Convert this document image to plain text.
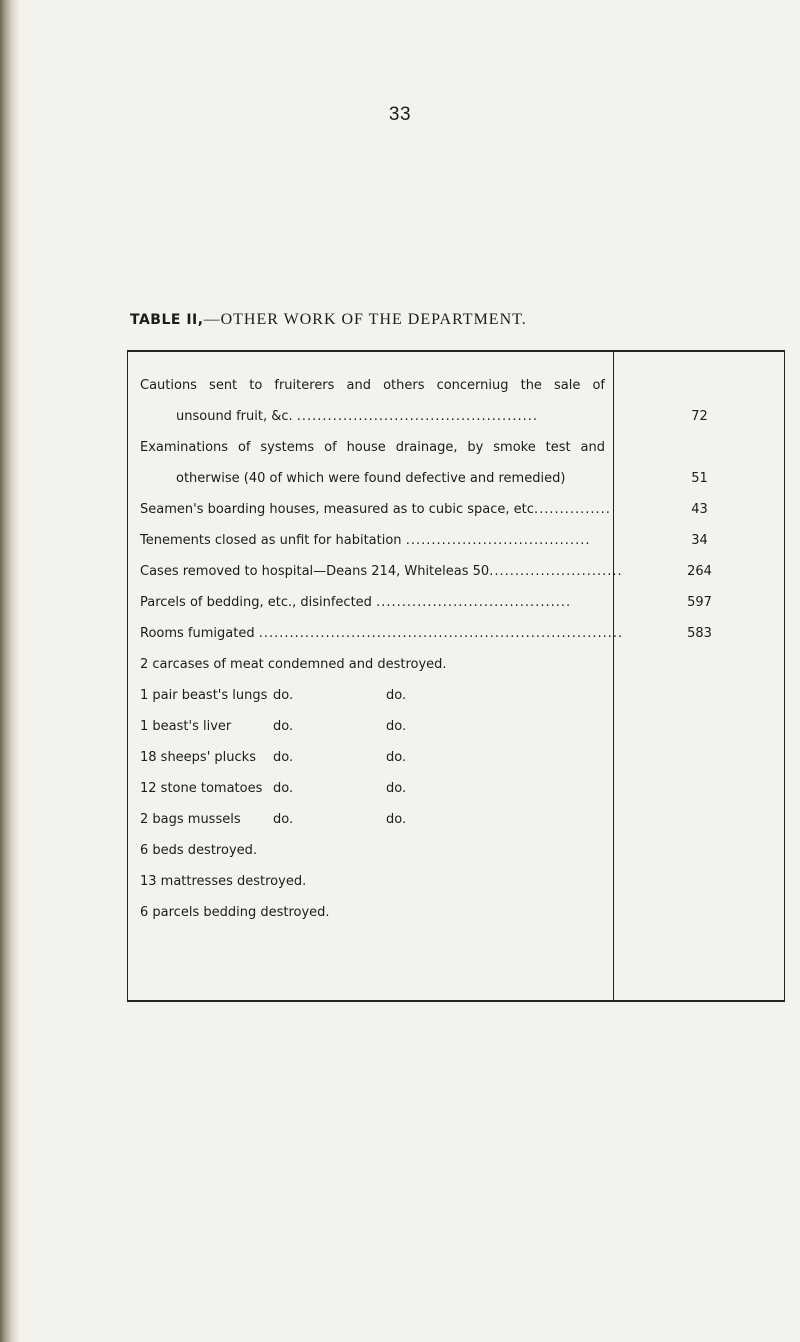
33
TABLE II,—OTHER WORK OF THE DEPARTMENT.
Cautions sent to fruiterers and others concerniug the sale of
unsound fruit, &c. ...............................................	72
Examinations of systems of house drainage, by smoke test and
otherwise (40 of which were found defective and remedied)	51
Seamen's boarding houses, measured as to cubic space, etc...............	43
Tenements closed as unfit for habitation ....................................	34
Cases removed to hospital—Deans 214, Whiteleas 50..........................	264
Parcels of bedding, etc., disinfected ......................................	597
Rooms fumigated .......................................................................	583
2 carcases of meat condemned and destroyed.
1 pair beast's lungs do.	do.
1 beast's liver	do.	do.
18 sheeps' plucks do.	do.
12 stone tomatoes do.	do.
2 bags mussels do.	do.
6 beds destroyed.
13 mattresses destroyed.
6 parcels bedding destroyed.
